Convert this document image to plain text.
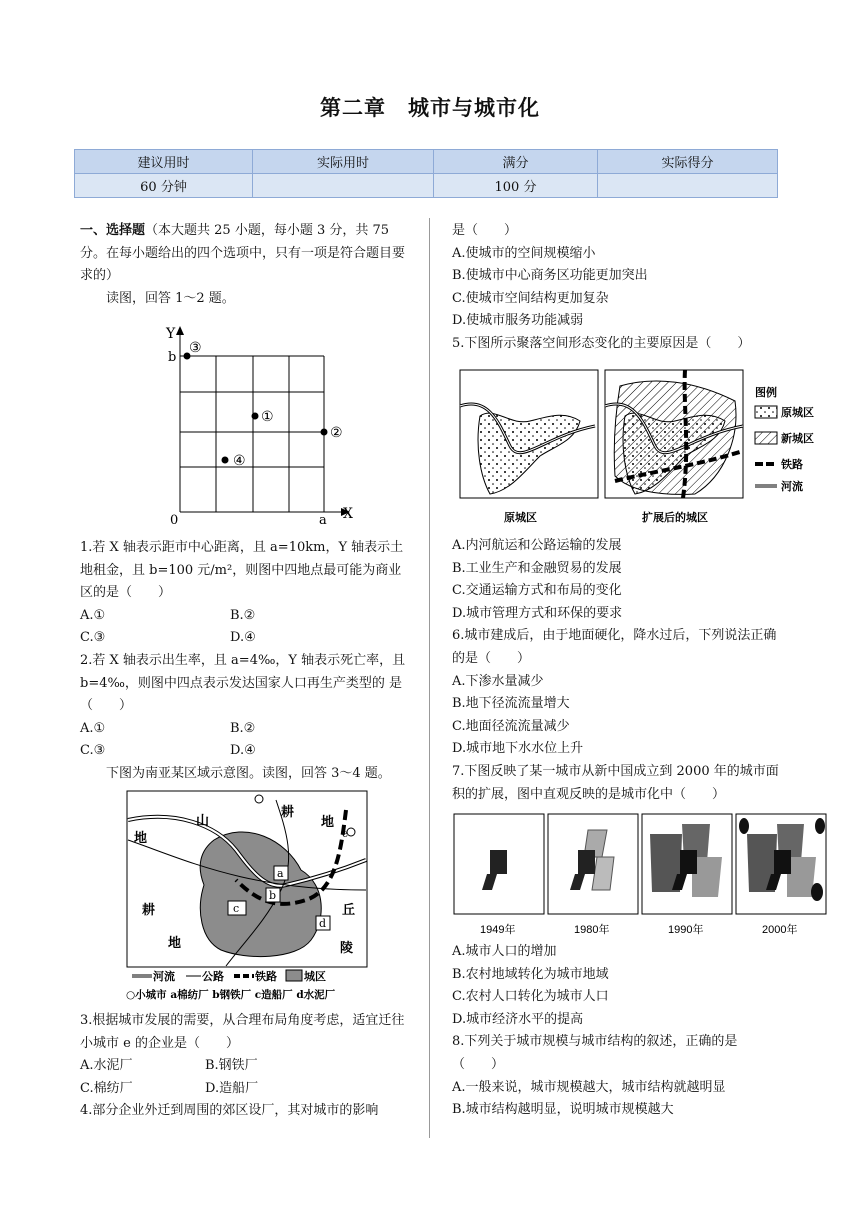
第二章　城市与城市化
建议用时	实际用时	满分	实际得分
60 分钟		100 分	

一、选择题（本大题共 25 小题，每小题 3 分，共 75 分。在每小题给出的四个选项中，只有一项是符合题目要求的）

读图，回答 1～2 题。

Y
X
0	a
b
③
①
②
④

1.若 X 轴表示距市中心距离，且 a=10km，Y 轴表示土地租金，且 b=100 元/m²，则图中四地点最可能为商业区的是（　　）

A.①	B.②

C.③	D.④

2.若 X 轴表示出生率，且 a=4‰，Y 轴表示死亡率，且 b=4‰，则图中四点表示发达国家人口再生产类型的 是（　　）

A.①	B.②

C.③	D.④

下图为南亚某区域示意图。读图，回答 3～4 题。

e
a
b
c
d
山
地
耕
地
耕
地
丘
陵
河流 公路	铁路 城区
○小城市 a棉纺厂 b钢铁厂 c造船厂 d水泥厂

3.根据城市发展的需要，从合理布局角度考虑，适宜迁往小城市 e 的企业是（　　）

A.水泥厂	B.钢铁厂

C.棉纺厂	D.造船厂

4.部分企业外迁到周围的郊区设厂，其对城市的影响

是（　　）

A.使城市的空间规模缩小

B.使城市中心商务区功能更加突出

C.使城市空间结构更加复杂

D.使城市服务功能减弱

5.下图所示聚落空间形态变化的主要原因是（　　）

原城区	扩展后的城区
图例
原城区
新城区
铁路
河流

A.内河航运和公路运输的发展

B.工业生产和金融贸易的发展

C.交通运输方式和布局的变化

D.城市管理方式和环保的要求

6.城市建成后，由于地面硬化，降水过后，下列说法正确的是（　　）

A.下渗水量减少

B.地下径流流量增大

C.地面径流流量减少

D.城市地下水水位上升

7.下图反映了某一城市从新中国成立到 2000 年的城市面积的扩展，图中直观反映的是城市化中（　　）

1949年	1980年	1990年	2000年

A.城市人口的增加

B.农村地域转化为城市地域

C.农村人口转化为城市人口

D.城市经济水平的提高

8.下列关于城市规模与城市结构的叙述，正确的是（　　）

A.一般来说，城市规模越大，城市结构就越明显

B.城市结构越明显，说明城市规模越大
